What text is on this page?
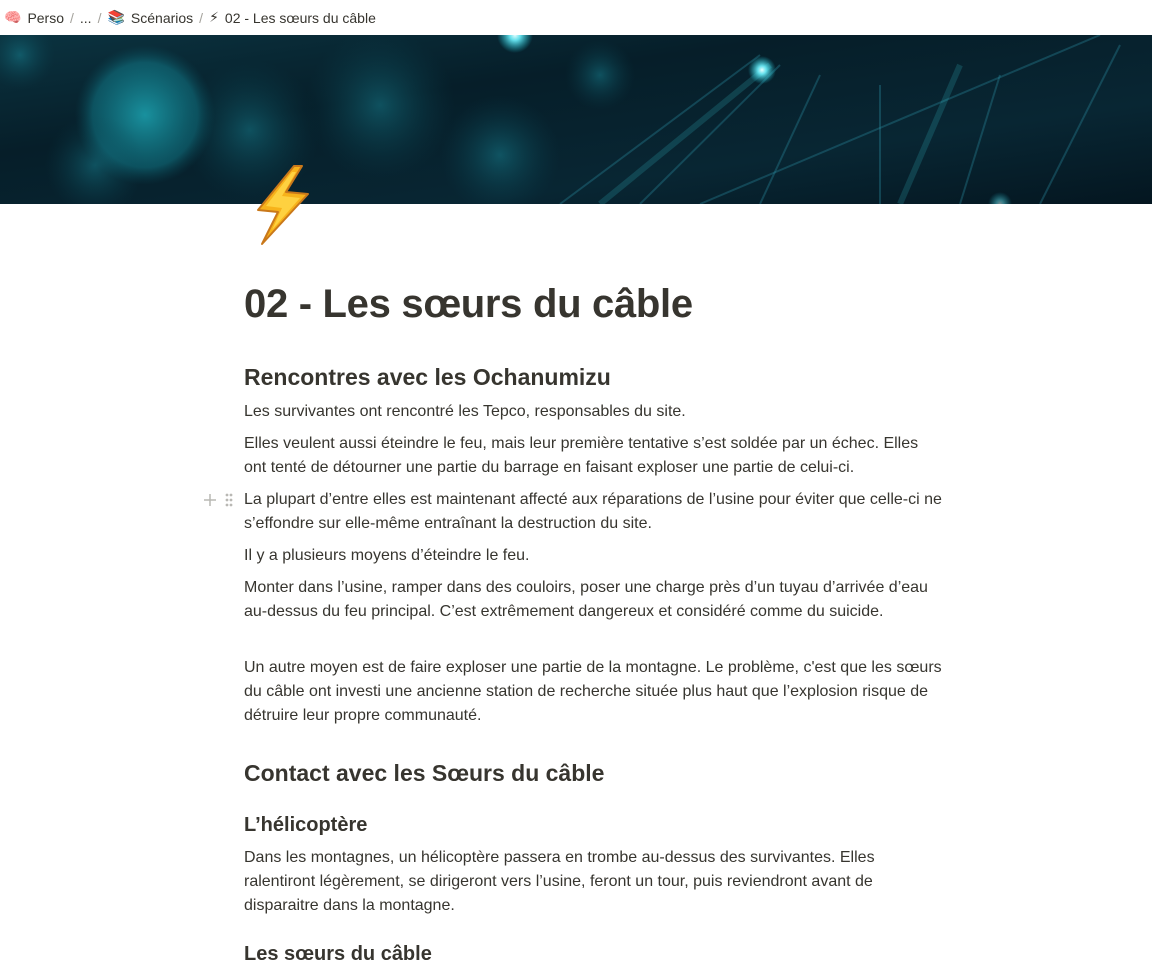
🧠 Perso / ... / 📚 Scénarios / ⚡ 02 - Les sœurs du câble
02 - Les sœurs du câble
Rencontres avec les Ochanumizu

Les survivantes ont rencontré les Tepco, responsables du site.

Elles veulent aussi éteindre le feu, mais leur première tentative s’est soldée par un échec. Elles ont tenté de détourner une partie du barrage en faisant exploser une partie de celui-ci.

La plupart d’entre elles est maintenant affecté aux réparations de l’usine pour éviter que celle-ci ne s’effondre sur elle-même entraînant la destruction du site.

Il y a plusieurs moyens d’éteindre le feu.

Monter dans l’usine, ramper dans des couloirs, poser une charge près d’un tuyau d’arrivée d’eau au-dessus du feu principal. C’est extrêmement dangereux et considéré comme du suicide.

Un autre moyen est de faire exploser une partie de la montagne. Le problème, c'est que les sœurs du câble ont investi une ancienne station de recherche située plus haut que l’explosion risque de détruire leur propre communauté.

Contact avec les Sœurs du câble
L’hélicoptère

Dans les montagnes, un hélicoptère passera en trombe au-dessus des survivantes. Elles ralentiront légèrement, se dirigeront vers l’usine, feront un tour, puis reviendront avant de disparaitre dans la montagne.

Les sœurs du câble
